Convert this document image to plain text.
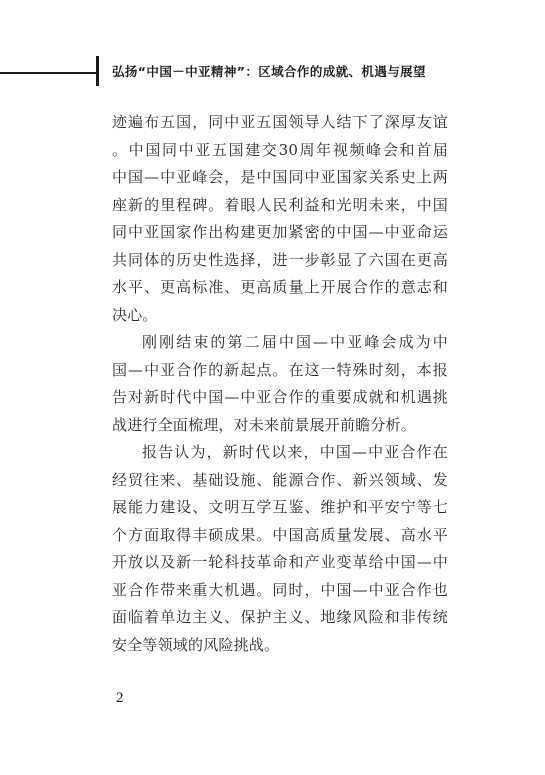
弘扬“中国－中亚精神”：区域合作的成就、机遇与展望
迹遍布五国，同中亚五国领导人结下了深厚友谊
。中国同中亚五国建交30周年视频峰会和首届
中国—中亚峰会，是中国同中亚国家关系史上两
座新的里程碑。着眼人民利益和光明未来，中国
同中亚国家作出构建更加紧密的中国—中亚命运
共同体的历史性选择，进一步彰显了六国在更高
水平、更高标准、更高质量上开展合作的意志和
决心。
刚刚结束的第二届中国—中亚峰会成为中
国—中亚合作的新起点。在这一特殊时刻，本报
告对新时代中国—中亚合作的重要成就和机遇挑
战进行全面梳理，对未来前景展开前瞻分析。
报告认为，新时代以来，中国—中亚合作在
经贸往来、基础设施、能源合作、新兴领域、发
展能力建设、文明互学互鉴、维护和平安宁等七
个方面取得丰硕成果。中国高质量发展、高水平
开放以及新一轮科技革命和产业变革给中国—中
亚合作带来重大机遇。同时，中国—中亚合作也
面临着单边主义、保护主义、地缘风险和非传统
安全等领域的风险挑战。
2
